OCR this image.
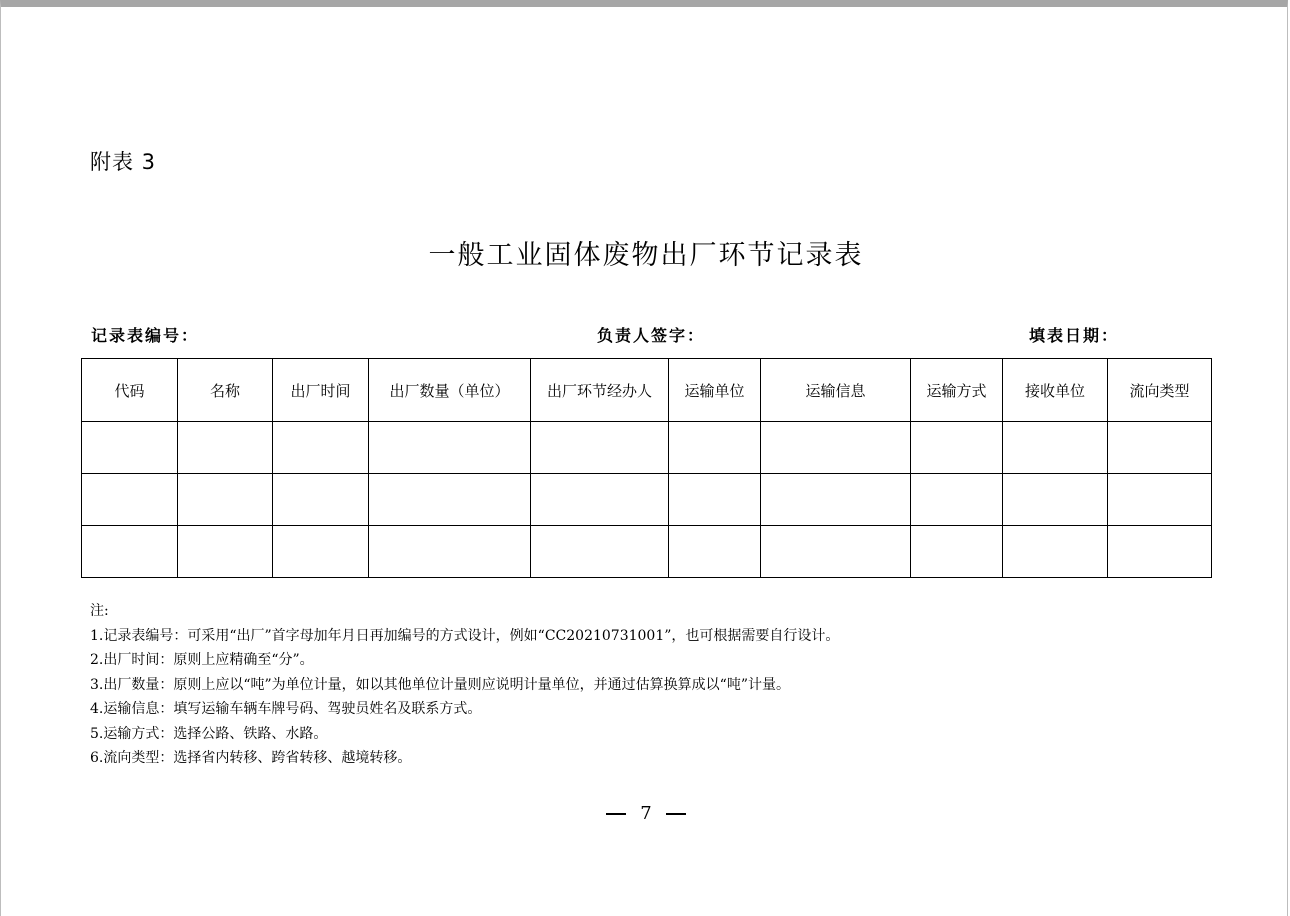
附表 3
一般工业固体废物出厂环节记录表
记录表编号：	负责人签字：	填表日期：
代码	名称	出厂时间	出厂数量（单位）	出厂环节经办人	运输单位	运输信息	运输方式	接收单位	流向类型

注:
1.记录表编号：可采用“出厂”首字母加年月日再加编号的方式设计，例如“CC20210731001”，也可根据需要自行设计。
2.出厂时间：原则上应精确至“分”。
3.出厂数量：原则上应以“吨”为单位计量，如以其他单位计量则应说明计量单位，并通过估算换算成以“吨”计量。
4.运输信息：填写运输车辆车牌号码、驾驶员姓名及联系方式。
5.运输方式：选择公路、铁路、水路。
6.流向类型：选择省内转移、跨省转移、越境转移。
7
